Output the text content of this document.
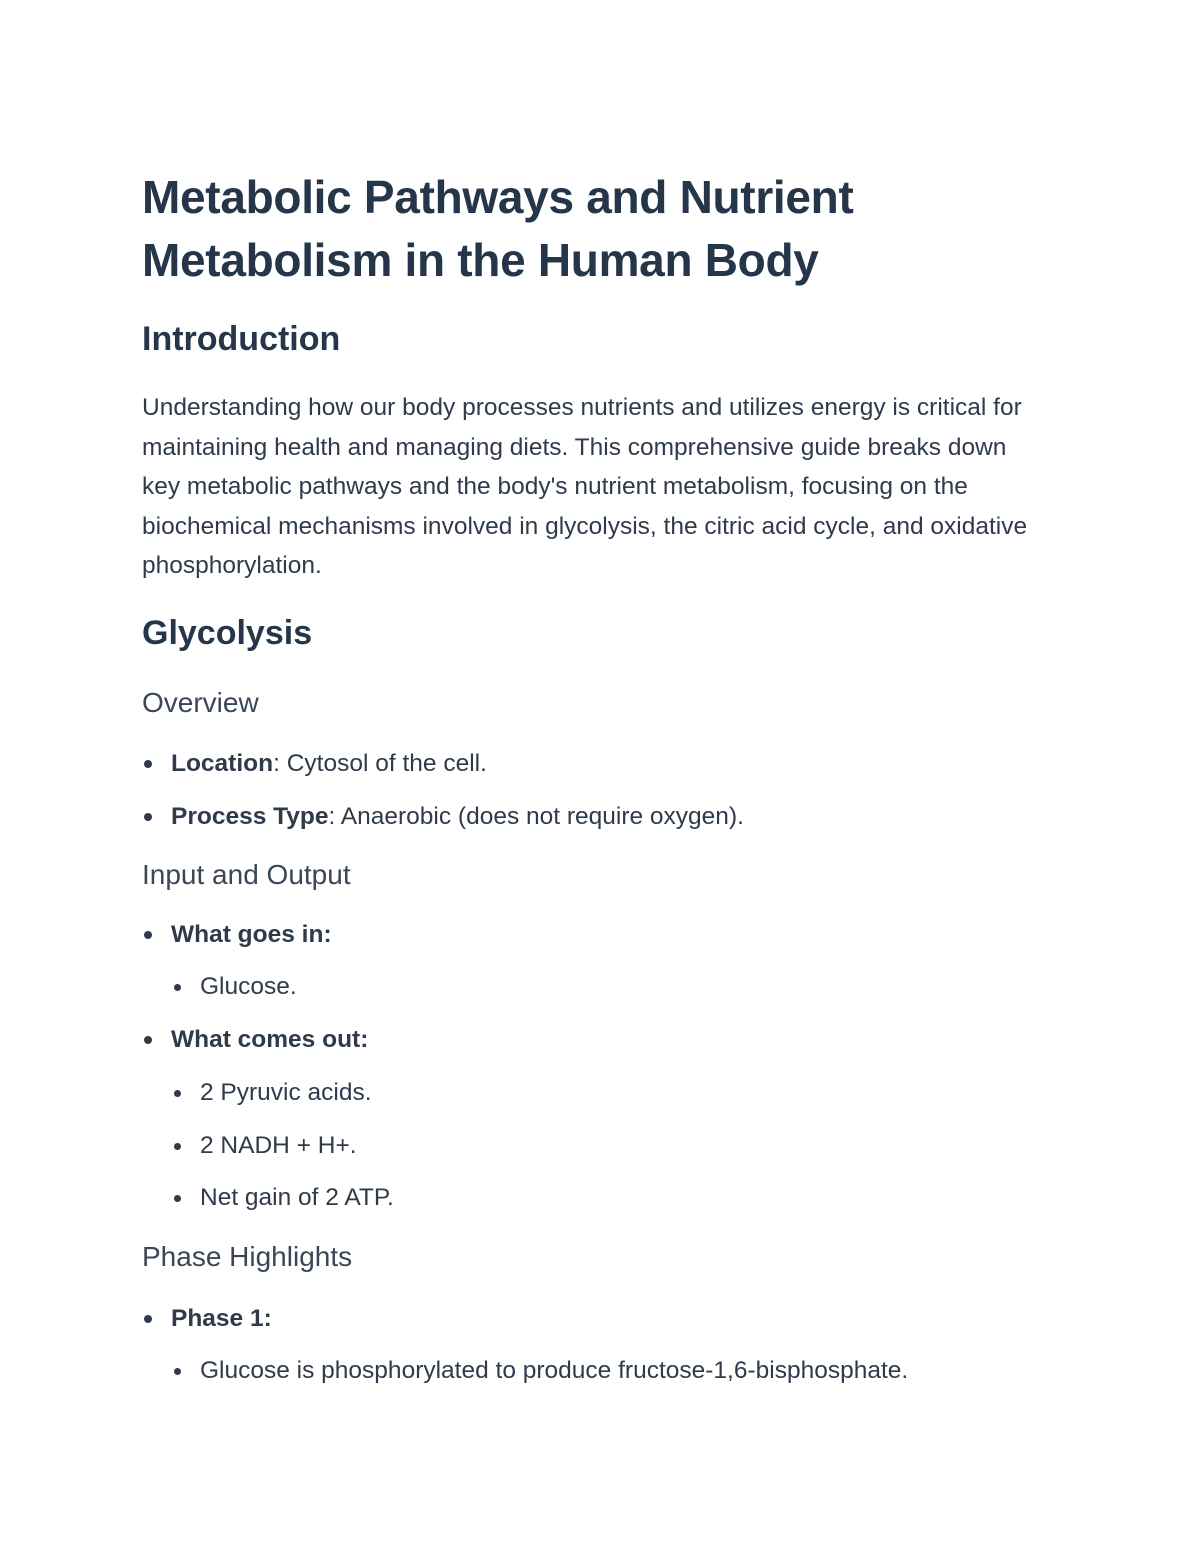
Metabolic Pathways and Nutrient Metabolism in the Human Body
Introduction

Understanding how our body processes nutrients and utilizes energy is critical for maintaining health and managing diets. This comprehensive guide breaks down key metabolic pathways and the body's nutrient metabolism, focusing on the biochemical mechanisms involved in glycolysis, the citric acid cycle, and oxidative phosphorylation.

Glycolysis
Overview
Location: Cytosol of the cell.
Process Type: Anaerobic (does not require oxygen).
Input and Output
What goes in:
Glucose.
What comes out:
2 Pyruvic acids.
2 NADH + H+.
Net gain of 2 ATP.
Phase Highlights
Phase 1:
Glucose is phosphorylated to produce fructose-1,6-bisphosphate.
